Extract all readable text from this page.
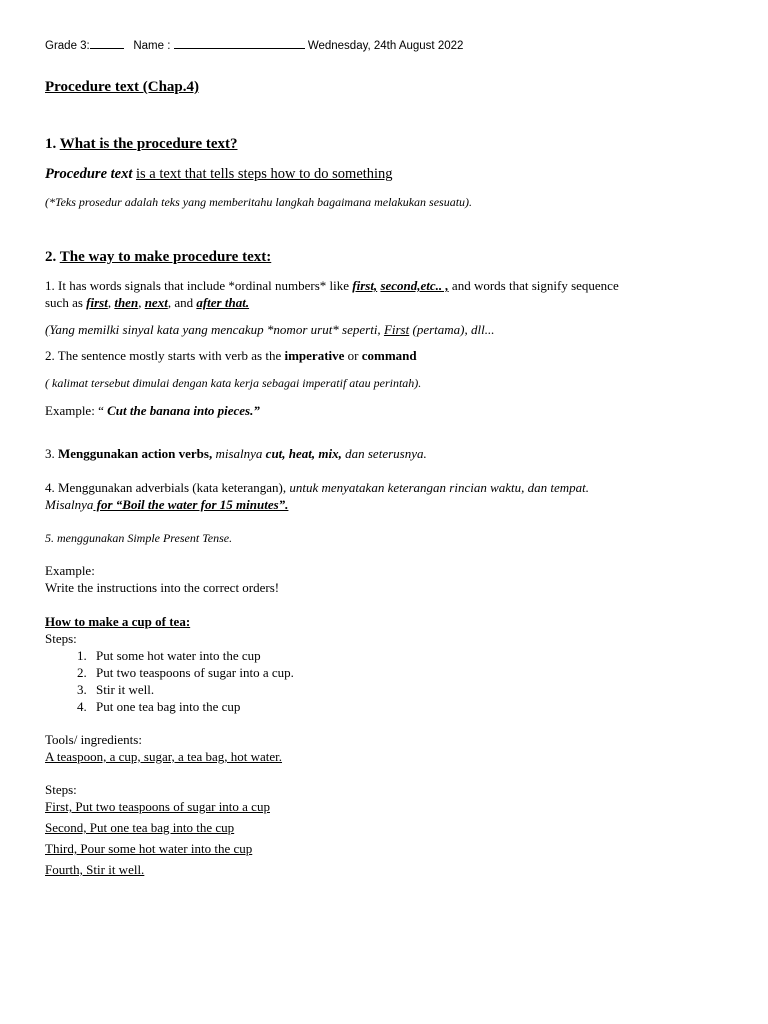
Grade 3:	Name :	Wednesday, 24th August 2022
Procedure text (Chap.4)
1. What is the procedure text?
Procedure text is a text that tells steps how to do something
(*Teks prosedur adalah teks yang memberitahu langkah bagaimana melakukan sesuatu).
2. The way to make procedure text:
1. It has words signals that include *ordinal numbers* like first, second,etc.. , and words that signify sequence
such as first, then, next, and after that.
(Yang memilki sinyal kata yang mencakup *nomor urut* seperti, First (pertama), dll...
2. The sentence mostly starts with verb as the imperative or command
( kalimat tersebut dimulai dengan kata kerja sebagai imperatif atau perintah).
Example: “ Cut the banana into pieces.”
3. Menggunakan action verbs, misalnya cut, heat, mix, dan seterusnya.
4. Menggunakan adverbials (kata keterangan), untuk menyatakan keterangan rincian waktu, dan tempat.
Misalnya for “Boil the water for 15 minutes”.
5. menggunakan Simple Present Tense.
Example:
Write the instructions into the correct orders!
How to make a cup of tea:
Steps:
1. Put some hot water into the cup
2. Put two teaspoons of sugar into a cup.
3. Stir it well.
4. Put one tea bag into the cup
Tools/ ingredients:
A teaspoon, a cup, sugar, a tea bag, hot water.
Steps:
First, Put two teaspoons of sugar into a cup
Second, Put one tea bag into the cup
Third, Pour some hot water into the cup
Fourth, Stir it well.
